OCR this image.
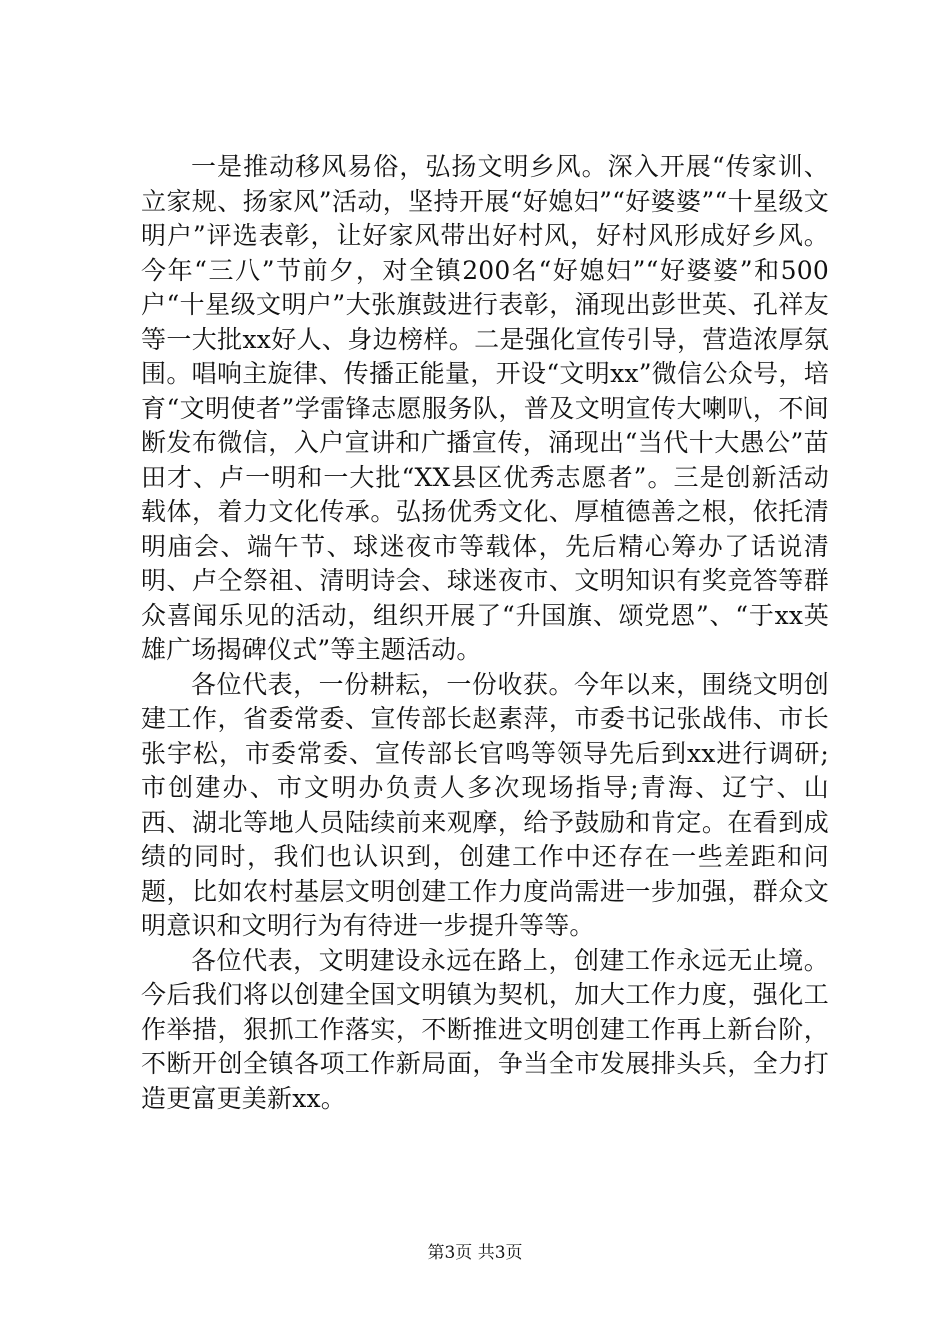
一是推动移风易俗，弘扬文明乡风。深入开展“传家训、立家规、扬家风”活动，坚持开展“好媳妇”“好婆婆”“十星级文明户”评选表彰，让好家风带出好村风，好村风形成好乡风。今年“三八”节前夕，对全镇200名“好媳妇”“好婆婆”和500户“十星级文明户”大张旗鼓进行表彰，涌现出彭世英、孔祥友等一大批xx好人、身边榜样。二是强化宣传引导，营造浓厚氛围。唱响主旋律、传播正能量，开设“文明xx”微信公众号，培育“文明使者”学雷锋志愿服务队，普及文明宣传大喇叭，不间断发布微信，入户宣讲和广播宣传，涌现出“当代十大愚公”苗田才、卢一明和一大批“XX县区优秀志愿者”。三是创新活动载体，着力文化传承。弘扬优秀文化、厚植德善之根，依托清明庙会、端午节、球迷夜市等载体，先后精心筹办了话说清明、卢仝祭祖、清明诗会、球迷夜市、文明知识有奖竞答等群众喜闻乐见的活动，组织开展了“升国旗、颂党恩”、“于xx英雄广场揭碑仪式”等主题活动。

各位代表，一份耕耘，一份收获。今年以来，围绕文明创建工作，省委常委、宣传部长赵素萍，市委书记张战伟、市长张宇松，市委常委、宣传部长官鸣等领导先后到xx进行调研;市创建办、市文明办负责人多次现场指导;青海、辽宁、山西、湖北等地人员陆续前来观摩，给予鼓励和肯定。在看到成绩的同时，我们也认识到，创建工作中还存在一些差距和问题，比如农村基层文明创建工作力度尚需进一步加强，群众文明意识和文明行为有待进一步提升等等。

各位代表，文明建设永远在路上，创建工作永远无止境。今后我们将以创建全国文明镇为契机，加大工作力度，强化工作举措，狠抓工作落实，不断推进文明创建工作再上新台阶，不断开创全镇各项工作新局面，争当全市发展排头兵，全力打造更富更美新xx。

第3页 共3页
